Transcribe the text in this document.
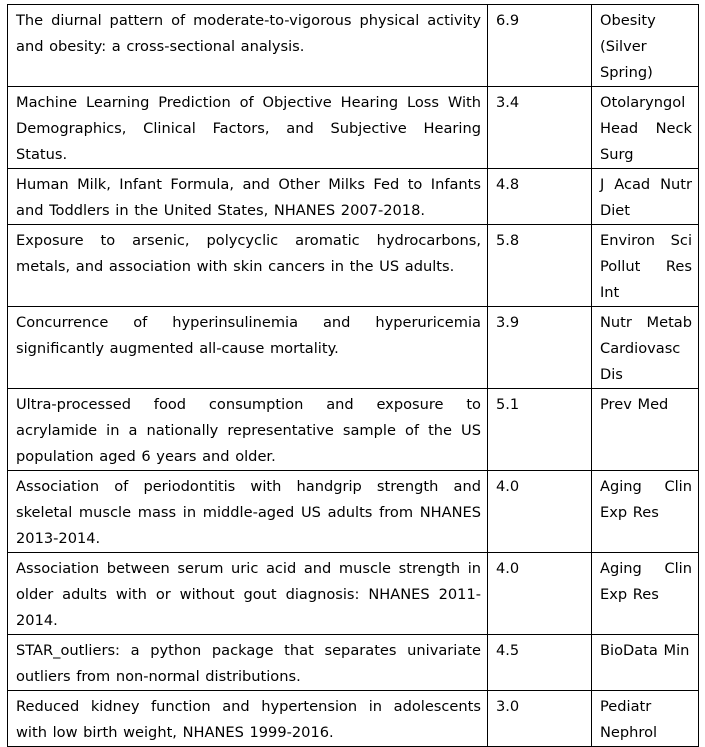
The diurnal pattern of moderate-to-vigorous physical activity and obesity: a cross-sectional analysis.	6.9	Obesity (Silver Spring)
Machine Learning Prediction of Objective Hearing Loss With Demographics, Clinical Factors, and Subjective Hearing Status.	3.4	Otolaryngol Head Neck Surg
Human Milk, Infant Formula, and Other Milks Fed to Infants and Toddlers in the United States, NHANES 2007-2018.	4.8	J Acad Nutr Diet
Exposure to arsenic, polycyclic aromatic hydrocarbons, metals, and association with skin cancers in the US adults.	5.8	Environ Sci Pollut Res Int
Concurrence of hyperinsulinemia and hyperuricemia significantly augmented all-cause mortality.	3.9	Nutr Metab Cardiovasc Dis
Ultra-processed food consumption and exposure to acrylamide in a nationally representative sample of the US population aged 6 years and older.	5.1	Prev Med
Association of periodontitis with handgrip strength and skeletal muscle mass in middle-aged US adults from NHANES 2013-2014.	4.0	Aging Clin Exp Res
Association between serum uric acid and muscle strength in older adults with or without gout diagnosis: NHANES 2011-2014.	4.0	Aging Clin Exp Res
STAR_outliers: a python package that separates univariate outliers from non-normal distributions.	4.5	BioData Min
Reduced kidney function and hypertension in adolescents with low birth weight, NHANES 1999-2016.	3.0	Pediatr Nephrol
